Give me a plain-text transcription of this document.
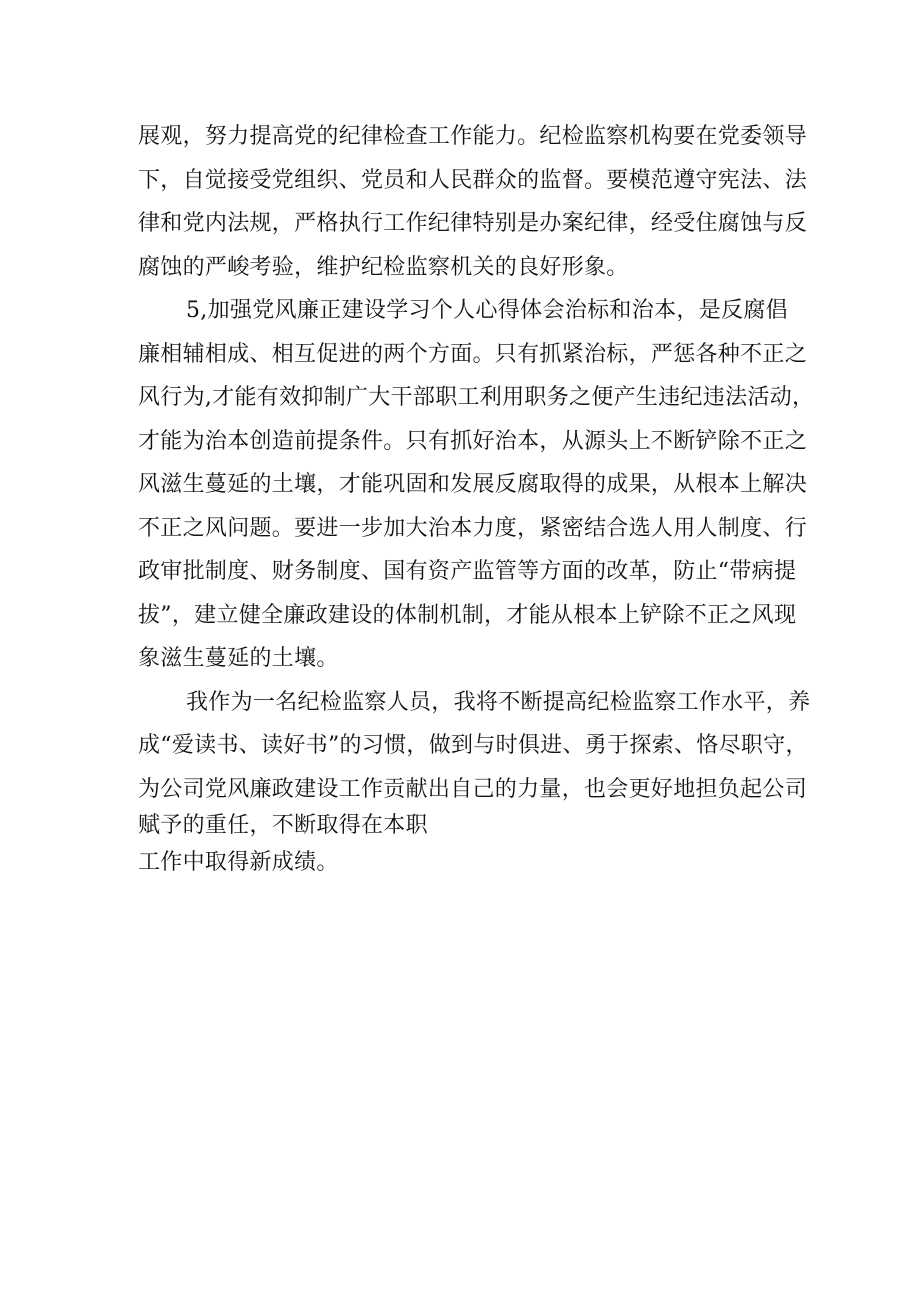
展观，努力提高党的纪律检查工作能力。纪检监察机构要在党委领导
下，自觉接受党组织、党员和人民群众的监督。要模范遵守宪法、法
律和党内法规，严格执行工作纪律特别是办案纪律，经受住腐蚀与反
腐蚀的严峻考验，维护纪检监察机关的良好形象。
5,加强党风廉正建设学习个人心得体会治标和治本，是反腐倡
廉相辅相成、相互促进的两个方面。只有抓紧治标，严惩各种不正之
风行为,才能有效抑制广大干部职工利用职务之便产生违纪违法活动，
才能为治本创造前提条件。只有抓好治本，从源头上不断铲除不正之
风滋生蔓延的土壤，才能巩固和发展反腐取得的成果，从根本上解决
不正之风问题。要进一步加大治本力度，紧密结合选人用人制度、行
政审批制度、财务制度、国有资产监管等方面的改革，防止“带病提
拔”，建立健全廉政建设的体制机制，才能从根本上铲除不正之风现
象滋生蔓延的土壤。
我作为一名纪检监察人员，我将不断提高纪检监察工作水平，养
成“爱读书、读好书”的习惯，做到与时俱进、勇于探索、恪尽职守，
为公司党风廉政建设工作贡献出自己的力量，也会更好地担负起公司
赋予的重任，不断取得在本职
工作中取得新成绩。
